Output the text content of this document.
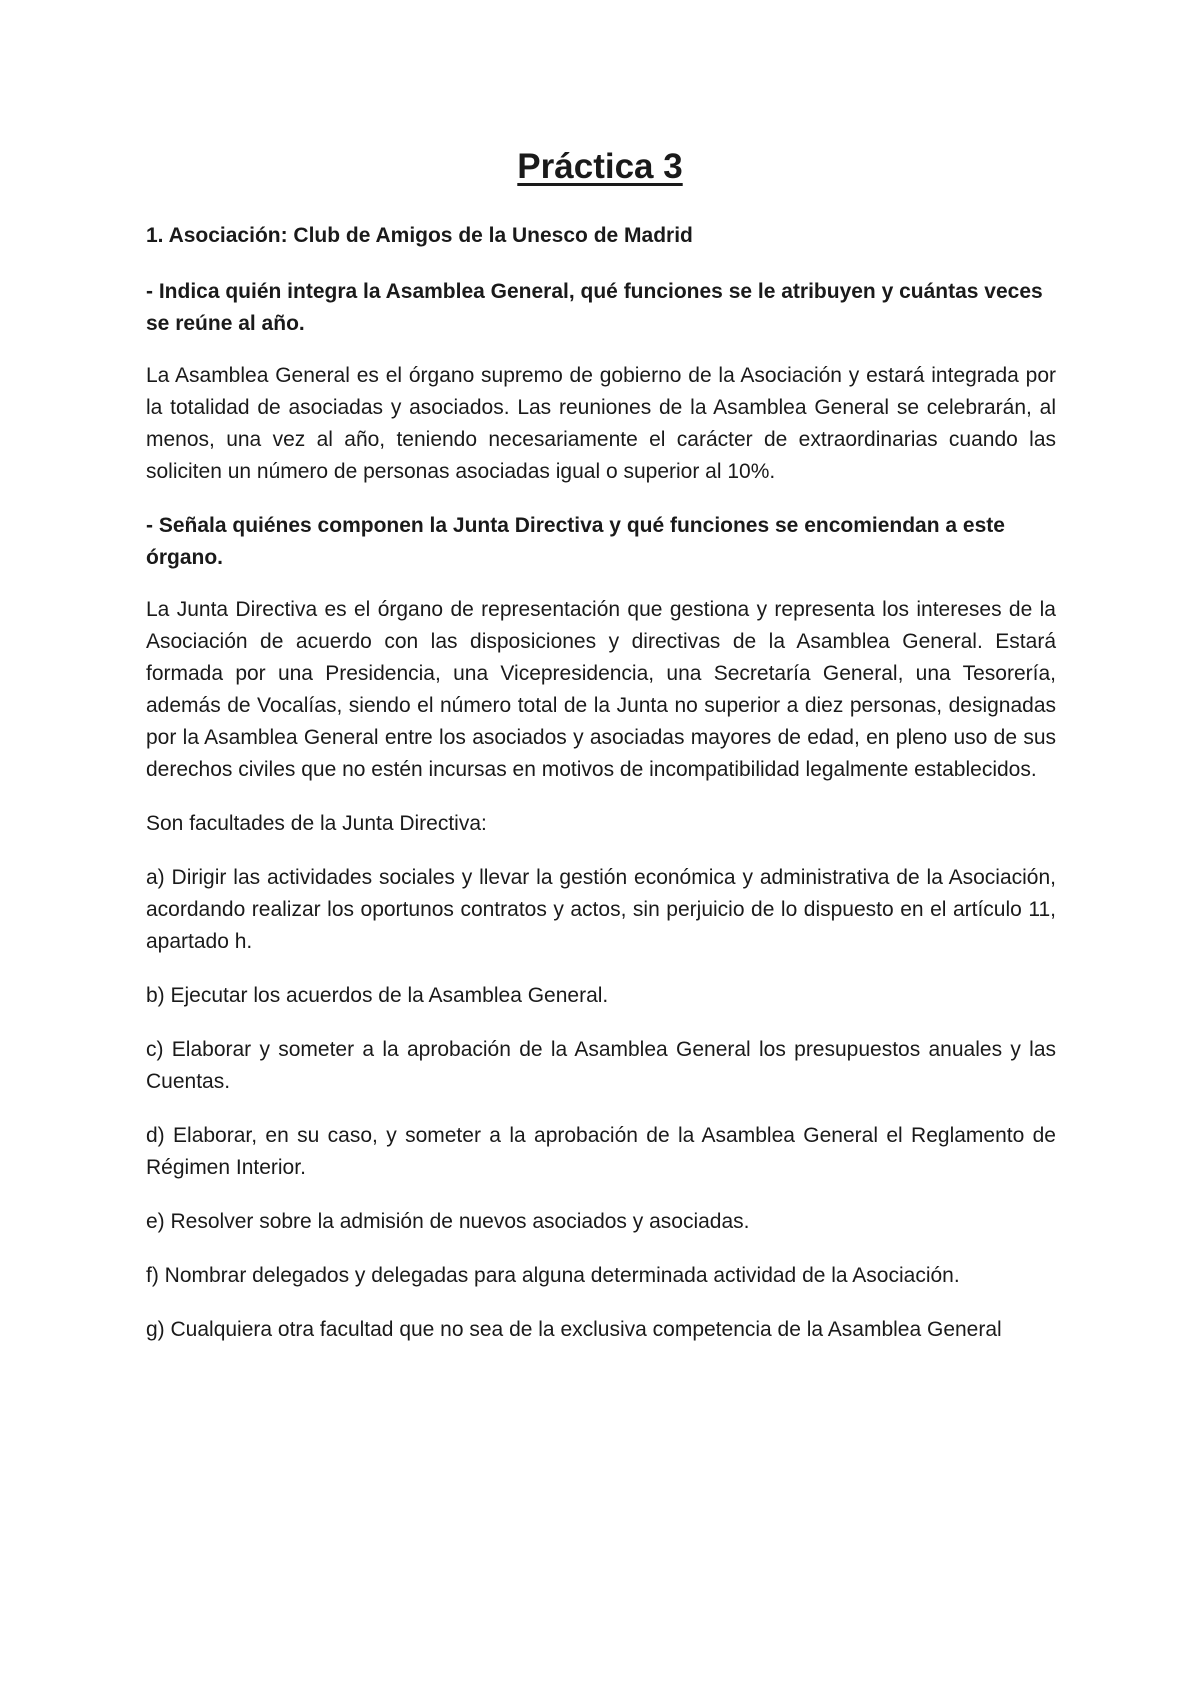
Práctica 3

1. Asociación: Club de Amigos de la Unesco de Madrid

- Indica quién integra la Asamblea General, qué funciones se le atribuyen y cuántas veces se reúne al año.

La Asamblea General es el órgano supremo de gobierno de la Asociación y estará integrada por la totalidad de asociadas y asociados. Las reuniones de la Asamblea General se celebrarán, al menos, una vez al año, teniendo necesariamente el carácter de extraordinarias cuando las soliciten un número de personas asociadas igual o superior al 10%.

- Señala quiénes componen la Junta Directiva y qué funciones se encomiendan a este órgano.

La Junta Directiva es el órgano de representación que gestiona y representa los intereses de la Asociación de acuerdo con las disposiciones y directivas de la Asamblea General. Estará formada por una Presidencia, una Vicepresidencia, una Secretaría General, una Tesorería, además de Vocalías, siendo el número total de la Junta no superior a diez personas, designadas por la Asamblea General entre los asociados y asociadas mayores de edad, en pleno uso de sus derechos civiles que no estén incursas en motivos de incompatibilidad legalmente establecidos.

Son facultades de la Junta Directiva:

a) Dirigir las actividades sociales y llevar la gestión económica y administrativa de la Asociación, acordando realizar los oportunos contratos y actos, sin perjuicio de lo dispuesto en el artículo 11, apartado h.

b) Ejecutar los acuerdos de la Asamblea General.

c) Elaborar y someter a la aprobación de la Asamblea General los presupuestos anuales y las Cuentas.

d) Elaborar, en su caso, y someter a la aprobación de la Asamblea General el Reglamento de Régimen Interior.

e) Resolver sobre la admisión de nuevos asociados y asociadas.

f) Nombrar delegados y delegadas para alguna determinada actividad de la Asociación.

g) Cualquiera otra facultad que no sea de la exclusiva competencia de la Asamblea General
